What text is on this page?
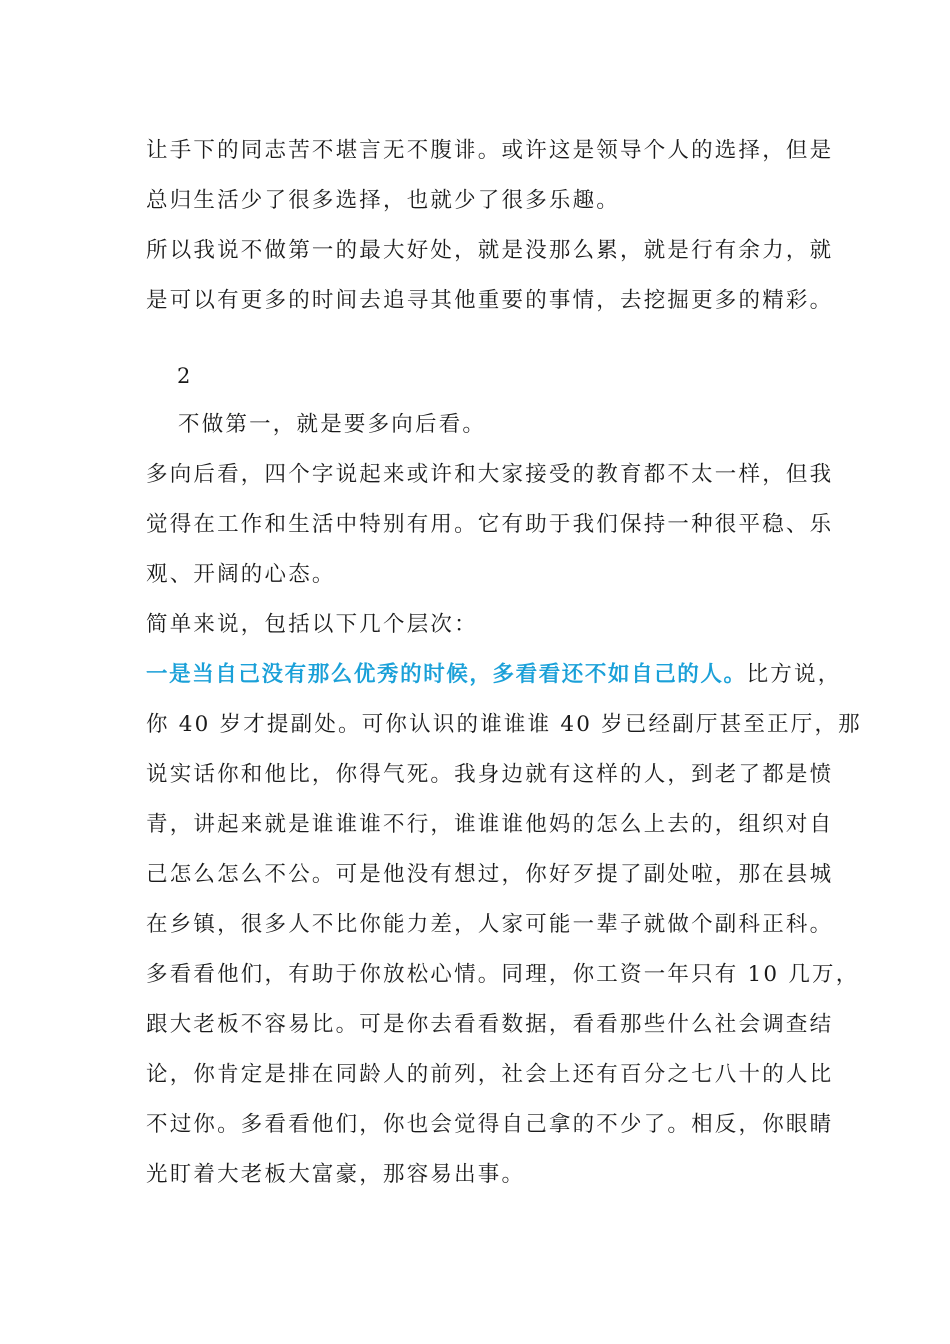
让手下的同志苦不堪言无不腹诽。或许这是领导个人的选择，但是
总归生活少了很多选择，也就少了很多乐趣。
所以我说不做第一的最大好处，就是没那么累，就是行有余力，就
是可以有更多的时间去追寻其他重要的事情，去挖掘更多的精彩。
2
不做第一，就是要多向后看。
多向后看，四个字说起来或许和大家接受的教育都不太一样，但我
觉得在工作和生活中特别有用。它有助于我们保持一种很平稳、乐
观、开阔的心态。
简单来说，包括以下几个层次：
一是当自己没有那么优秀的时候，多看看还不如自己的人。比方说，
你 40 岁才提副处。可你认识的谁谁谁 40 岁已经副厅甚至正厅，那
说实话你和他比，你得气死。我身边就有这样的人，到老了都是愤
青，讲起来就是谁谁谁不行，谁谁谁他妈的怎么上去的，组织对自
己怎么怎么不公。可是他没有想过，你好歹提了副处啦，那在县城
在乡镇，很多人不比你能力差，人家可能一辈子就做个副科正科。
多看看他们，有助于你放松心情。同理，你工资一年只有 10 几万，
跟大老板不容易比。可是你去看看数据，看看那些什么社会调查结
论，你肯定是排在同龄人的前列，社会上还有百分之七八十的人比
不过你。多看看他们，你也会觉得自己拿的不少了。相反，你眼睛
光盯着大老板大富豪，那容易出事。
